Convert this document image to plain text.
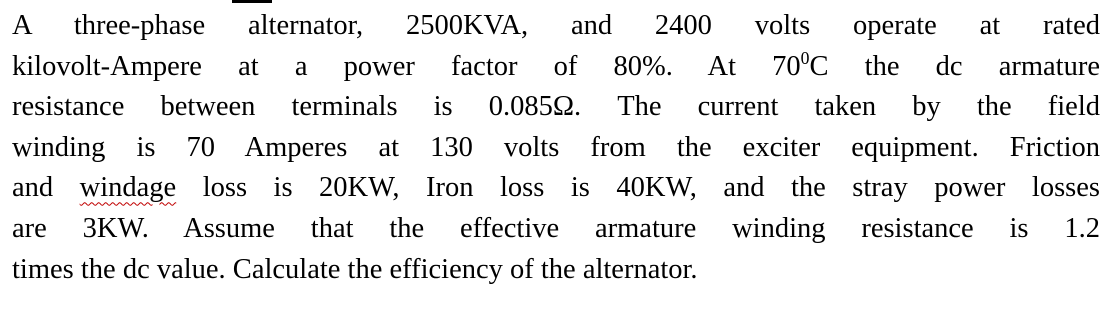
A three-phase alternator, 2500KVA, and 2400 volts operate at rated
kilovolt-Ampere at a power factor of 80%. At $70^0C$ the dc armature
resistance between terminals is 0.085Ω. The current taken by the field
winding is 70 Amperes at 130 volts from the exciter equipment. Friction
and windage loss is 20KW, Iron loss is 40KW, and the stray power losses
are 3KW. Assume that the effective armature winding resistance is 1.2
times the dc value. Calculate the efficiency of the alternator.
